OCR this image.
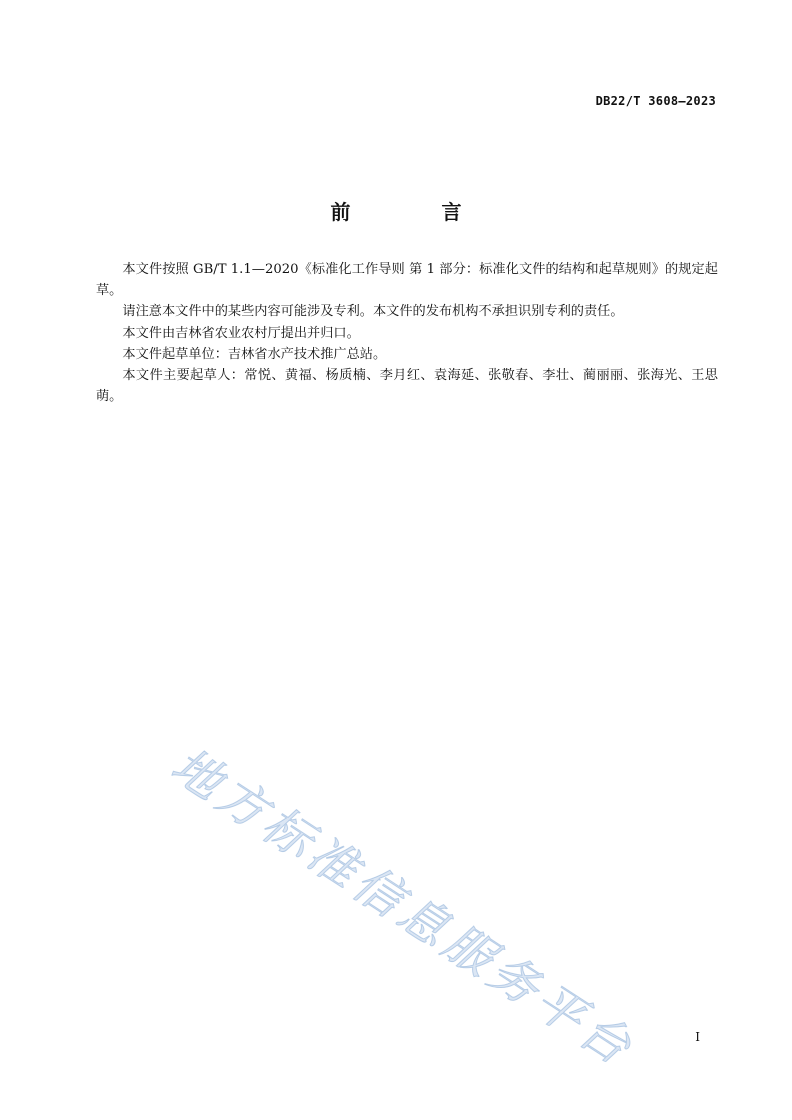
DB22/T 3608—2023
前 言

本文件按照 GB/T 1.1—2020《标准化工作导则 第 1 部分：标准化文件的结构和起草规则》的规定起草。

请注意本文件中的某些内容可能涉及专利。本文件的发布机构不承担识别专利的责任。

本文件由吉林省农业农村厅提出并归口。

本文件起草单位：吉林省水产技术推广总站。

本文件主要起草人：常悦、黄福、杨质楠、李月红、袁海延、张敬春、李壮、蔺丽丽、张海光、王思萌。

地方标准信息服务平台	I
